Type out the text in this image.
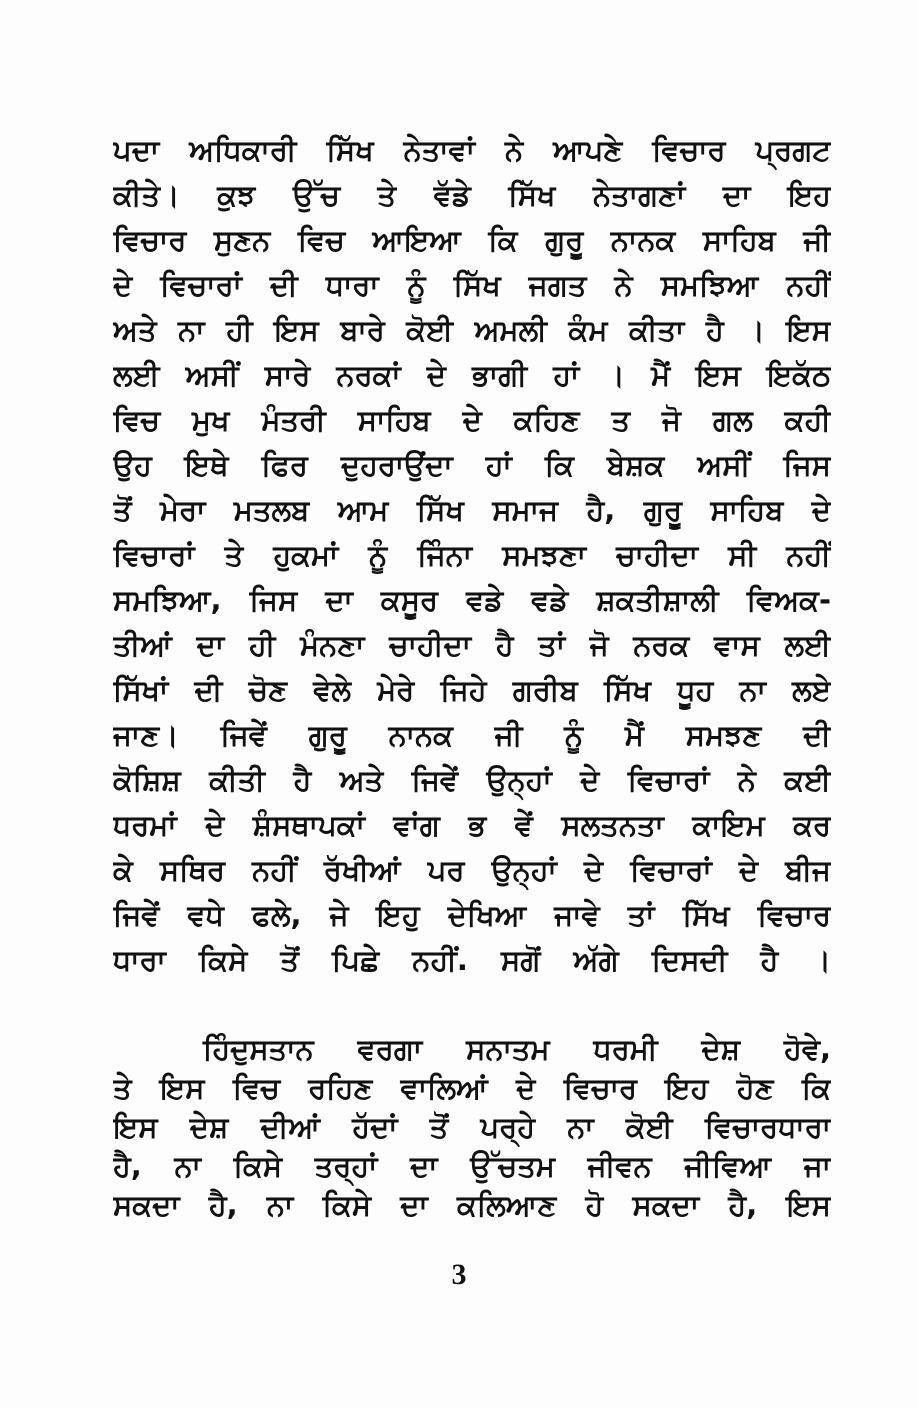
ਪਦਾ ਅਧਿਕਾਰੀ ਸਿੱਖ ਨੇਤਾਵਾਂ ਨੇ ਆਪਣੇ ਵਿਚਾਰ ਪ੍ਰਗਟ
ਕੀਤੇ। ਕੁਝ ਉੱਚ ਤੇ ਵੱਡੇ ਸਿੱਖ ਨੇਤਾਗਣਾਂ ਦਾ ਇਹ
ਵਿਚਾਰ ਸੁਣਨ ਵਿਚ ਆਇਆ ਕਿ ਗੁਰੂ ਨਾਨਕ ਸਾਹਿਬ ਜੀ
ਦੇ ਵਿਚਾਰਾਂ ਦੀ ਧਾਰਾ ਨੂੰ ਸਿੱਖ ਜਗਤ ਨੇ ਸਮਝਿਆ ਨਹੀਂ
ਅਤੇ ਨਾ ਹੀ ਇਸ ਬਾਰੇ ਕੋਈ ਅਮਲੀ ਕੰਮ ਕੀਤਾ ਹੈ । ਇਸ
ਲਈ ਅਸੀਂ ਸਾਰੇ ਨਰਕਾਂ ਦੇ ਭਾਗੀ ਹਾਂ । ਮੈਂ ਇਸ ਇਕੱਠ
ਵਿਚ ਮੁਖ ਮੰਤਰੀ ਸਾਹਿਬ ਦੇ ਕਹਿਣ ਤ ਜੋ ਗਲ ਕਹੀ
ਉਹ ਇਥੇ ਫਿਰ ਦੁਹਰਾਉਂਦਾ ਹਾਂ ਕਿ ਬੇਸ਼ਕ ਅਸੀਂ ਜਿਸ
ਤੋਂ ਮੇਰਾ ਮਤਲਬ ਆਮ ਸਿੱਖ ਸਮਾਜ ਹੈ, ਗੁਰੂ ਸਾਹਿਬ ਦੇ
ਵਿਚਾਰਾਂ ਤੇ ਹੁਕਮਾਂ ਨੂੰ ਜਿੰਨਾ ਸਮਝਣਾ ਚਾਹੀਦਾ ਸੀ ਨਹੀਂ
ਸਮਝਿਆ, ਜਿਸ ਦਾ ਕਸੂਰ ਵਡੇ ਵਡੇ ਸ਼ਕਤੀਸ਼ਾਲੀ ਵਿਅਕ-
ਤੀਆਂ ਦਾ ਹੀ ਮੰਨਣਾ ਚਾਹੀਦਾ ਹੈ ਤਾਂ ਜੋ ਨਰਕ ਵਾਸ ਲਈ
ਸਿੱਖਾਂ ਦੀ ਚੋਣ ਵੇਲੇ ਮੇਰੇ ਜਿਹੇ ਗਰੀਬ ਸਿੱਖ ਧੂਹ ਨਾ ਲਏ
ਜਾਣ। ਜਿਵੇਂ ਗੁਰੂ ਨਾਨਕ ਜੀ ਨੂੰ ਮੈਂ ਸਮਝਣ ਦੀ
ਕੋਸ਼ਿਸ਼ ਕੀਤੀ ਹੈ ਅਤੇ ਜਿਵੇਂ ਉਨ੍ਹਾਂ ਦੇ ਵਿਚਾਰਾਂ ਨੇ ਕਈ
ਧਰਮਾਂ ਦੇ ਸ਼ੰਸਥਾਪਕਾਂ ਵਾਂਗ ਭ ਵੇਂ ਸਲਤਨਤਾ ਕਾਇਮ ਕਰ
ਕੇ ਸਥਿਰ ਨਹੀਂ ਰੱਖੀਆਂ ਪਰ ਉਨ੍ਹਾਂ ਦੇ ਵਿਚਾਰਾਂ ਦੇ ਬੀਜ
ਜਿਵੇਂ ਵਧੇ ਫਲੇ, ਜੇ ਇਹੁ ਦੇਖਿਆ ਜਾਵੇ ਤਾਂ ਸਿੱਖ ਵਿਚਾਰ
ਧਾਰਾ ਕਿਸੇ ਤੋਂ ਪਿਛੇ ਨਹੀਂ. ਸਗੋਂ ਅੱਗੇ ਦਿਸਦੀ ਹੈ ।
ਹਿੰਦੁਸਤਾਨ ਵਰਗਾ ਸਨਾਤਮ ਧਰਮੀ ਦੇਸ਼ ਹੋਵੇ,
ਤੇ ਇਸ ਵਿਚ ਰਹਿਣ ਵਾਲਿਆਂ ਦੇ ਵਿਚਾਰ ਇਹ ਹੋਣ ਕਿ
ਇਸ ਦੇਸ਼ ਦੀਆਂ ਹੱਦਾਂ ਤੋਂ ਪਰ੍ਹੇ ਨਾ ਕੋਈ ਵਿਚਾਰਧਾਰਾ
ਹੈ, ਨਾ ਕਿਸੇ ਤਰ੍ਹਾਂ ਦਾ ਉੱਚਤਮ ਜੀਵਨ ਜੀਵਿਆ ਜਾ
ਸਕਦਾ ਹੈ, ਨਾ ਕਿਸੇ ਦਾ ਕਲਿਆਣ ਹੋ ਸਕਦਾ ਹੈ, ਇਸ
3
